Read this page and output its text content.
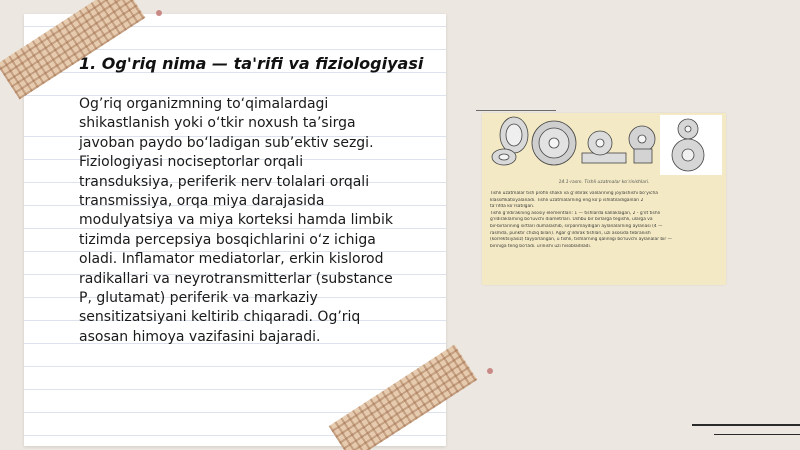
1. Og'riq nima — ta'rifi va fiziologiyasi
Og’riq organizmning to‘qimalardagi
shikastlanish yoki o‘tkir noxush ta’sirga
javoban paydo bo‘ladigan sub’ektiv sezgi.
Fiziologiyasi nociseptorlar orqali
transduksiya, periferik nerv tolalari orqali
transmissiya, orqa miya darajasida
modulyatsiya va miya korteksi hamda limbik
tizimda percepsiya bosqichlarini o‘z ichiga
oladi. Inflamator mediatorlar, erkin kislorod
radikallari va neyrotransmitterlar (substance
P, glutamat) periferik va markaziy
sensitizatsiyani keltirib chiqaradi. Og’riq
asosan himoya vazifasini bajaradi.
14.1-rasm. Tishli uzatmalar ko‘rinishlari.
Tishli uzatmalar tish profili shakli va g‘ildirak valilarining joylashishi bo‘yicha
klassifikatsiyalanadi. Tishli uzatmalarning eng ko‘p ishlatiladiganlari 2
ta‘rifda ko‘rsatilgan.
Tishli g‘ildirakning asosiy elementlari: 1 — tishlarda kallaklagan, 2 - g‘ilt tishli
g‘ildiraklarning bo‘luvchi diametrlari. Ushbu bir birlarga tegishli, ularga va
bir-birlarining sirtlari dumalashib, sirpanmaydigan aylanalarning aylanasi (4 —
rasmda, punktir chiziq bilan). Agar g‘ildirak tishlari, uzi asosida tebranish
(korrektsiyasiz) tayyorlangan, u tishli, tishlarning qalinligi bo‘luvchi aylanalar bir —
biriniga teng bo‘ladi. urinishi uzi hisobladiladi.
